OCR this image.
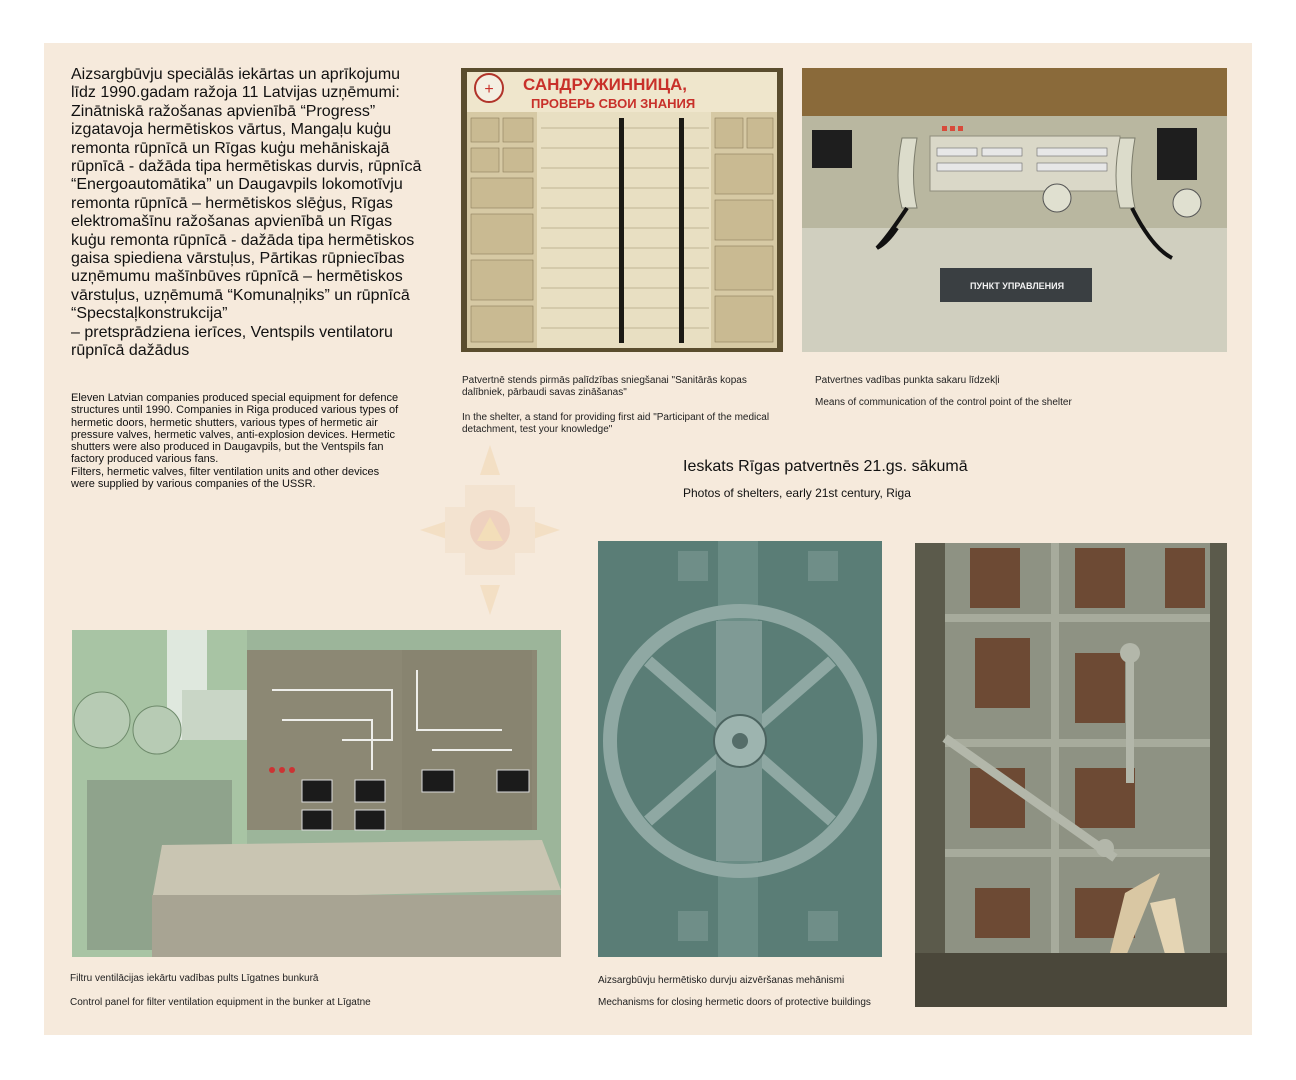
Aizsargbūvju speciālās iekārtas un aprīkojumu
līdz 1990.gadam ražoja 11 Latvijas uzņēmumi:
Zinātniskā ražošanas apvienībā “Progress”
izgatavoja hermētiskos vārtus, Mangaļu kuģu
remonta rūpnīcā un Rīgas kuģu mehāniskajā
rūpnīcā - dažāda tipa hermētiskas durvis, rūpnīcā
“Energoautomātika” un Daugavpils lokomotīvju
remonta rūpnīcā – hermētiskos slēģus, Rīgas
elektromašīnu ražošanas apvienībā un Rīgas
kuģu remonta rūpnīcā - dažāda tipa hermētiskos
gaisa spiediena vārstuļus, Pārtikas rūpniecības
uzņēmumu mašīnbūves rūpnīcā – hermētiskos
vārstuļus, uzņēmumā “Komunaļņiks” un rūpnīcā
“Specstaļkonstrukcija”
– pretsprādziena ierīces, Ventspils ventilatoru
rūpnīcā dažādus
Eleven Latvian companies produced special equipment for defence
structures until 1990. Companies in Riga produced various types of
hermetic doors, hermetic shutters, various types of hermetic air
pressure valves, hermetic valves, anti-explosion devices. Hermetic
shutters were also produced in Daugavpils, but the Ventspils fan
factory produced various fans.
Filters, hermetic valves, filter ventilation units and other devices
were supplied by various companies of the USSR.
+ САНДРУЖИННИЦА,
ПРОВЕРЬ СВОИ ЗНАНИЯ
Patvertnē stends pirmās palīdzības sniegšanai "Sanitārās kopas dalībniek, pārbaudi savas zināšanas"
In the shelter, a stand for providing first aid "Participant of the medical detachment, test your knowledge"
ПУНКТ УПРАВЛЕНИЯ
Patvertnes vadības punkta sakaru līdzekļi
Means of communication of the control point of the shelter
Ieskats Rīgas patvertnēs 21.gs. sākumā
Photos of shelters, early 21st century, Riga
Filtru ventilācijas iekārtu vadības pults Līgatnes bunkurā
Control panel for filter ventilation equipment in the bunker at Līgatne
Aizsargbūvju hermētisko durvju aizvēršanas mehānismi
Mechanisms for closing hermetic doors of protective buildings
